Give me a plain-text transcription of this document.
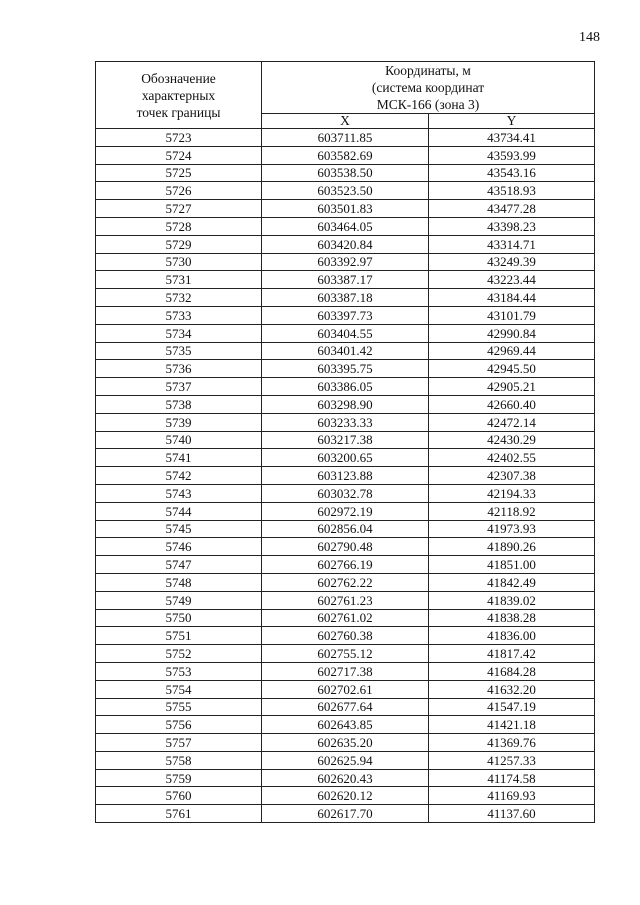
148
Обозначение
характерных
точек границы	Координаты, м
(система координат
МСК-166 (зона 3)	

	X	Y
5723	603711.85	43734.41
5724	603582.69	43593.99
5725	603538.50	43543.16
5726	603523.50	43518.93
5727	603501.83	43477.28
5728	603464.05	43398.23
5729	603420.84	43314.71
5730	603392.97	43249.39
5731	603387.17	43223.44
5732	603387.18	43184.44
5733	603397.73	43101.79
5734	603404.55	42990.84
5735	603401.42	42969.44
5736	603395.75	42945.50
5737	603386.05	42905.21
5738	603298.90	42660.40
5739	603233.33	42472.14
5740	603217.38	42430.29
5741	603200.65	42402.55
5742	603123.88	42307.38
5743	603032.78	42194.33
5744	602972.19	42118.92
5745	602856.04	41973.93
5746	602790.48	41890.26
5747	602766.19	41851.00
5748	602762.22	41842.49
5749	602761.23	41839.02
5750	602761.02	41838.28
5751	602760.38	41836.00
5752	602755.12	41817.42
5753	602717.38	41684.28
5754	602702.61	41632.20
5755	602677.64	41547.19
5756	602643.85	41421.18
5757	602635.20	41369.76
5758	602625.94	41257.33
5759	602620.43	41174.58
5760	602620.12	41169.93
5761	602617.70	41137.60
